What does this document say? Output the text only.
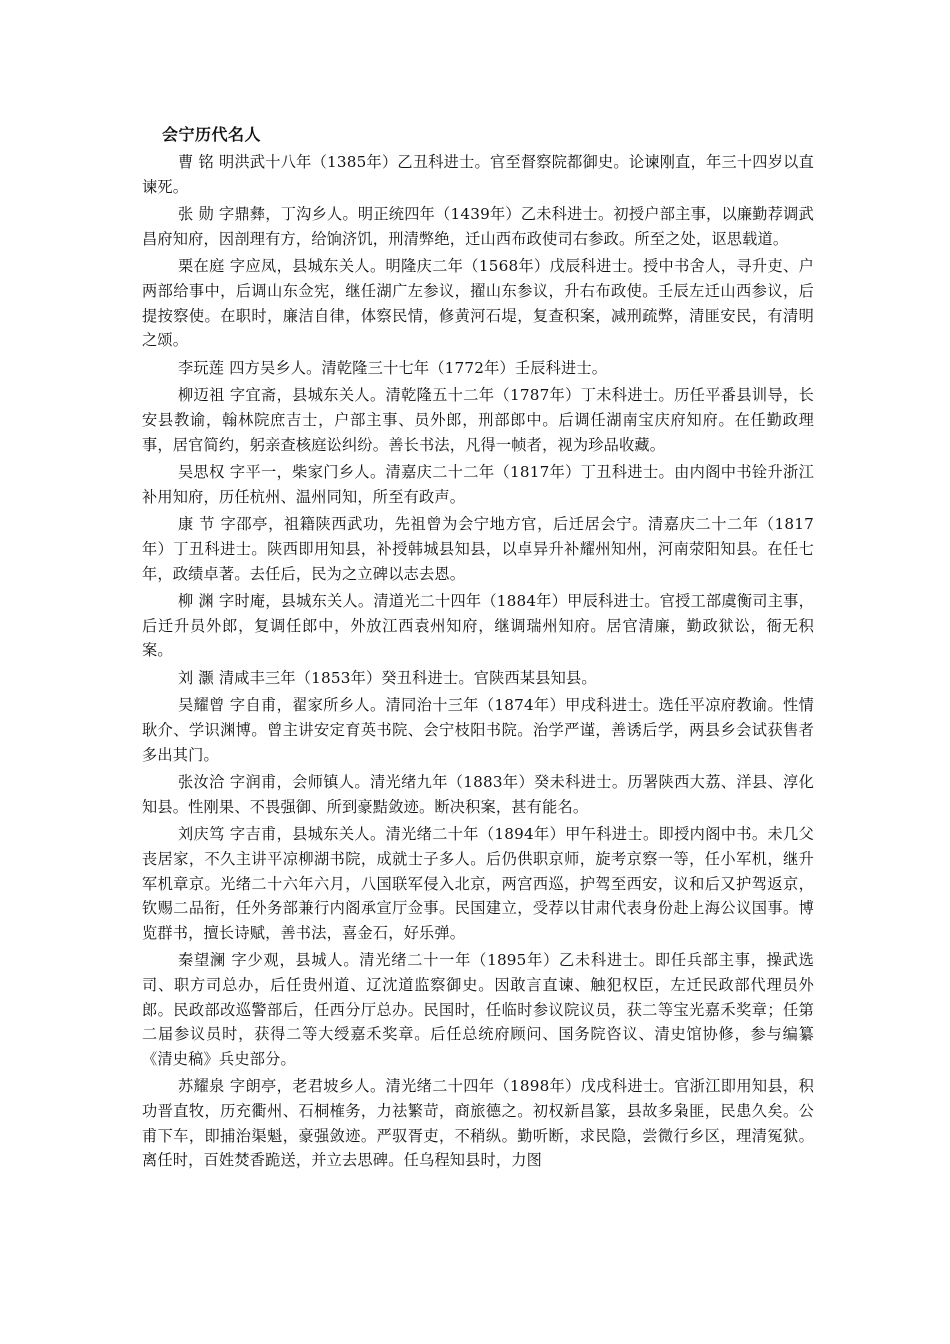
会宁历代名人

曹 铭 明洪武十八年（1385年）乙丑科进士。官至督察院都御史。论谏刚直，年三十四岁以直谏死。

张 勋 字鼎彝，丁沟乡人。明正统四年（1439年）乙未科进士。初授户部主事，以廉勤荐调武昌府知府，因剖理有方，给饷济饥，刑清弊绝，迁山西布政使司右参政。所至之处，讴思载道。

栗在庭 字应凤，县城东关人。明隆庆二年（1568年）戊辰科进士。授中书舍人，寻升吏、户两部给事中，后调山东佥宪，继任湖广左参议，擢山东参议，升右布政使。壬辰左迁山西参议，后提按察使。在职时，廉洁自律，体察民情，修黄河石堤，复查积案，减刑疏弊，清匪安民，有清明之颂。

李玩莲 四方吴乡人。清乾隆三十七年（1772年）壬辰科进士。

柳迈祖 字宜斋，县城东关人。清乾隆五十二年（1787年）丁未科进士。历任平番县训导，长安县教谕，翰林院庶吉士，户部主事、员外郎，刑部郎中。后调任湖南宝庆府知府。在任勤政理事，居官简约，躬亲查核庭讼纠纷。善长书法，凡得一帧者，视为珍品收藏。

吴思权 字平一，柴家门乡人。清嘉庆二十二年（1817年）丁丑科进士。由内阁中书铨升浙江补用知府，历任杭州、温州同知，所至有政声。

康 节 字邵亭，祖籍陕西武功，先祖曾为会宁地方官，后迁居会宁。清嘉庆二十二年（1817年）丁丑科进士。陕西即用知县，补授韩城县知县，以卓异升补耀州知州，河南荥阳知县。在任七年，政绩卓著。去任后，民为之立碑以志去恩。

柳 渊 字时庵，县城东关人。清道光二十四年（1884年）甲辰科进士。官授工部虞衡司主事，后迁升员外郎，复调任郎中，外放江西袁州知府，继调瑞州知府。居官清廉，勤政狱讼，衙无积案。

刘 灏 清咸丰三年（1853年）癸丑科进士。官陕西某县知县。

吴耀曾 字自甫，翟家所乡人。清同治十三年（1874年）甲戌科进士。选任平凉府教谕。性情耿介、学识渊博。曾主讲安定育英书院、会宁枝阳书院。治学严谨，善诱后学，两县乡会试获售者多出其门。

张汝洽 字润甫，会师镇人。清光绪九年（1883年）癸未科进士。历署陕西大荔、洋县、淳化知县。性刚果、不畏强御、所到豪黠敛迹。断决积案，甚有能名。

刘庆笃 字吉甫，县城东关人。清光绪二十年（1894年）甲午科进士。即授内阁中书。未几父丧居家，不久主讲平凉柳湖书院，成就士子多人。后仍供职京师，旋考京察一等，任小军机，继升军机章京。光绪二十六年六月，八国联军侵入北京，两宫西巡，护驾至西安，议和后又护驾返京，钦赐二品衔，任外务部兼行内阁承宣厅佥事。民国建立，受荐以甘肃代表身份赴上海公议国事。博览群书，擅长诗赋，善书法，喜金石，好乐弹。

秦望澜 字少观，县城人。清光绪二十一年（1895年）乙未科进士。即任兵部主事，操武选司、职方司总办，后任贵州道、辽沈道监察御史。因敢言直谏、触犯权臣，左迁民政部代理员外郎。民政部改巡警部后，任西分厅总办。民国时，任临时参议院议员，获二等宝光嘉禾奖章；任第二届参议员时，获得二等大绶嘉禾奖章。后任总统府顾问、国务院咨议、清史馆协修，参与编纂《清史稿》兵史部分。

苏耀泉 字朗亭，老君坡乡人。清光绪二十四年（1898年）戊戌科进士。官浙江即用知县，积功晋直牧，历充衢州、石桐榷务，力祛繁苛，商旅德之。初权新昌篆，县故多枭匪，民患久矣。公甫下车，即捕治渠魁，豪强敛迹。严驭胥吏，不稍纵。勤听断，求民隐，尝微行乡区，理清冤狱。离任时，百姓焚香跪送，并立去思碑。任乌程知县时，力图
